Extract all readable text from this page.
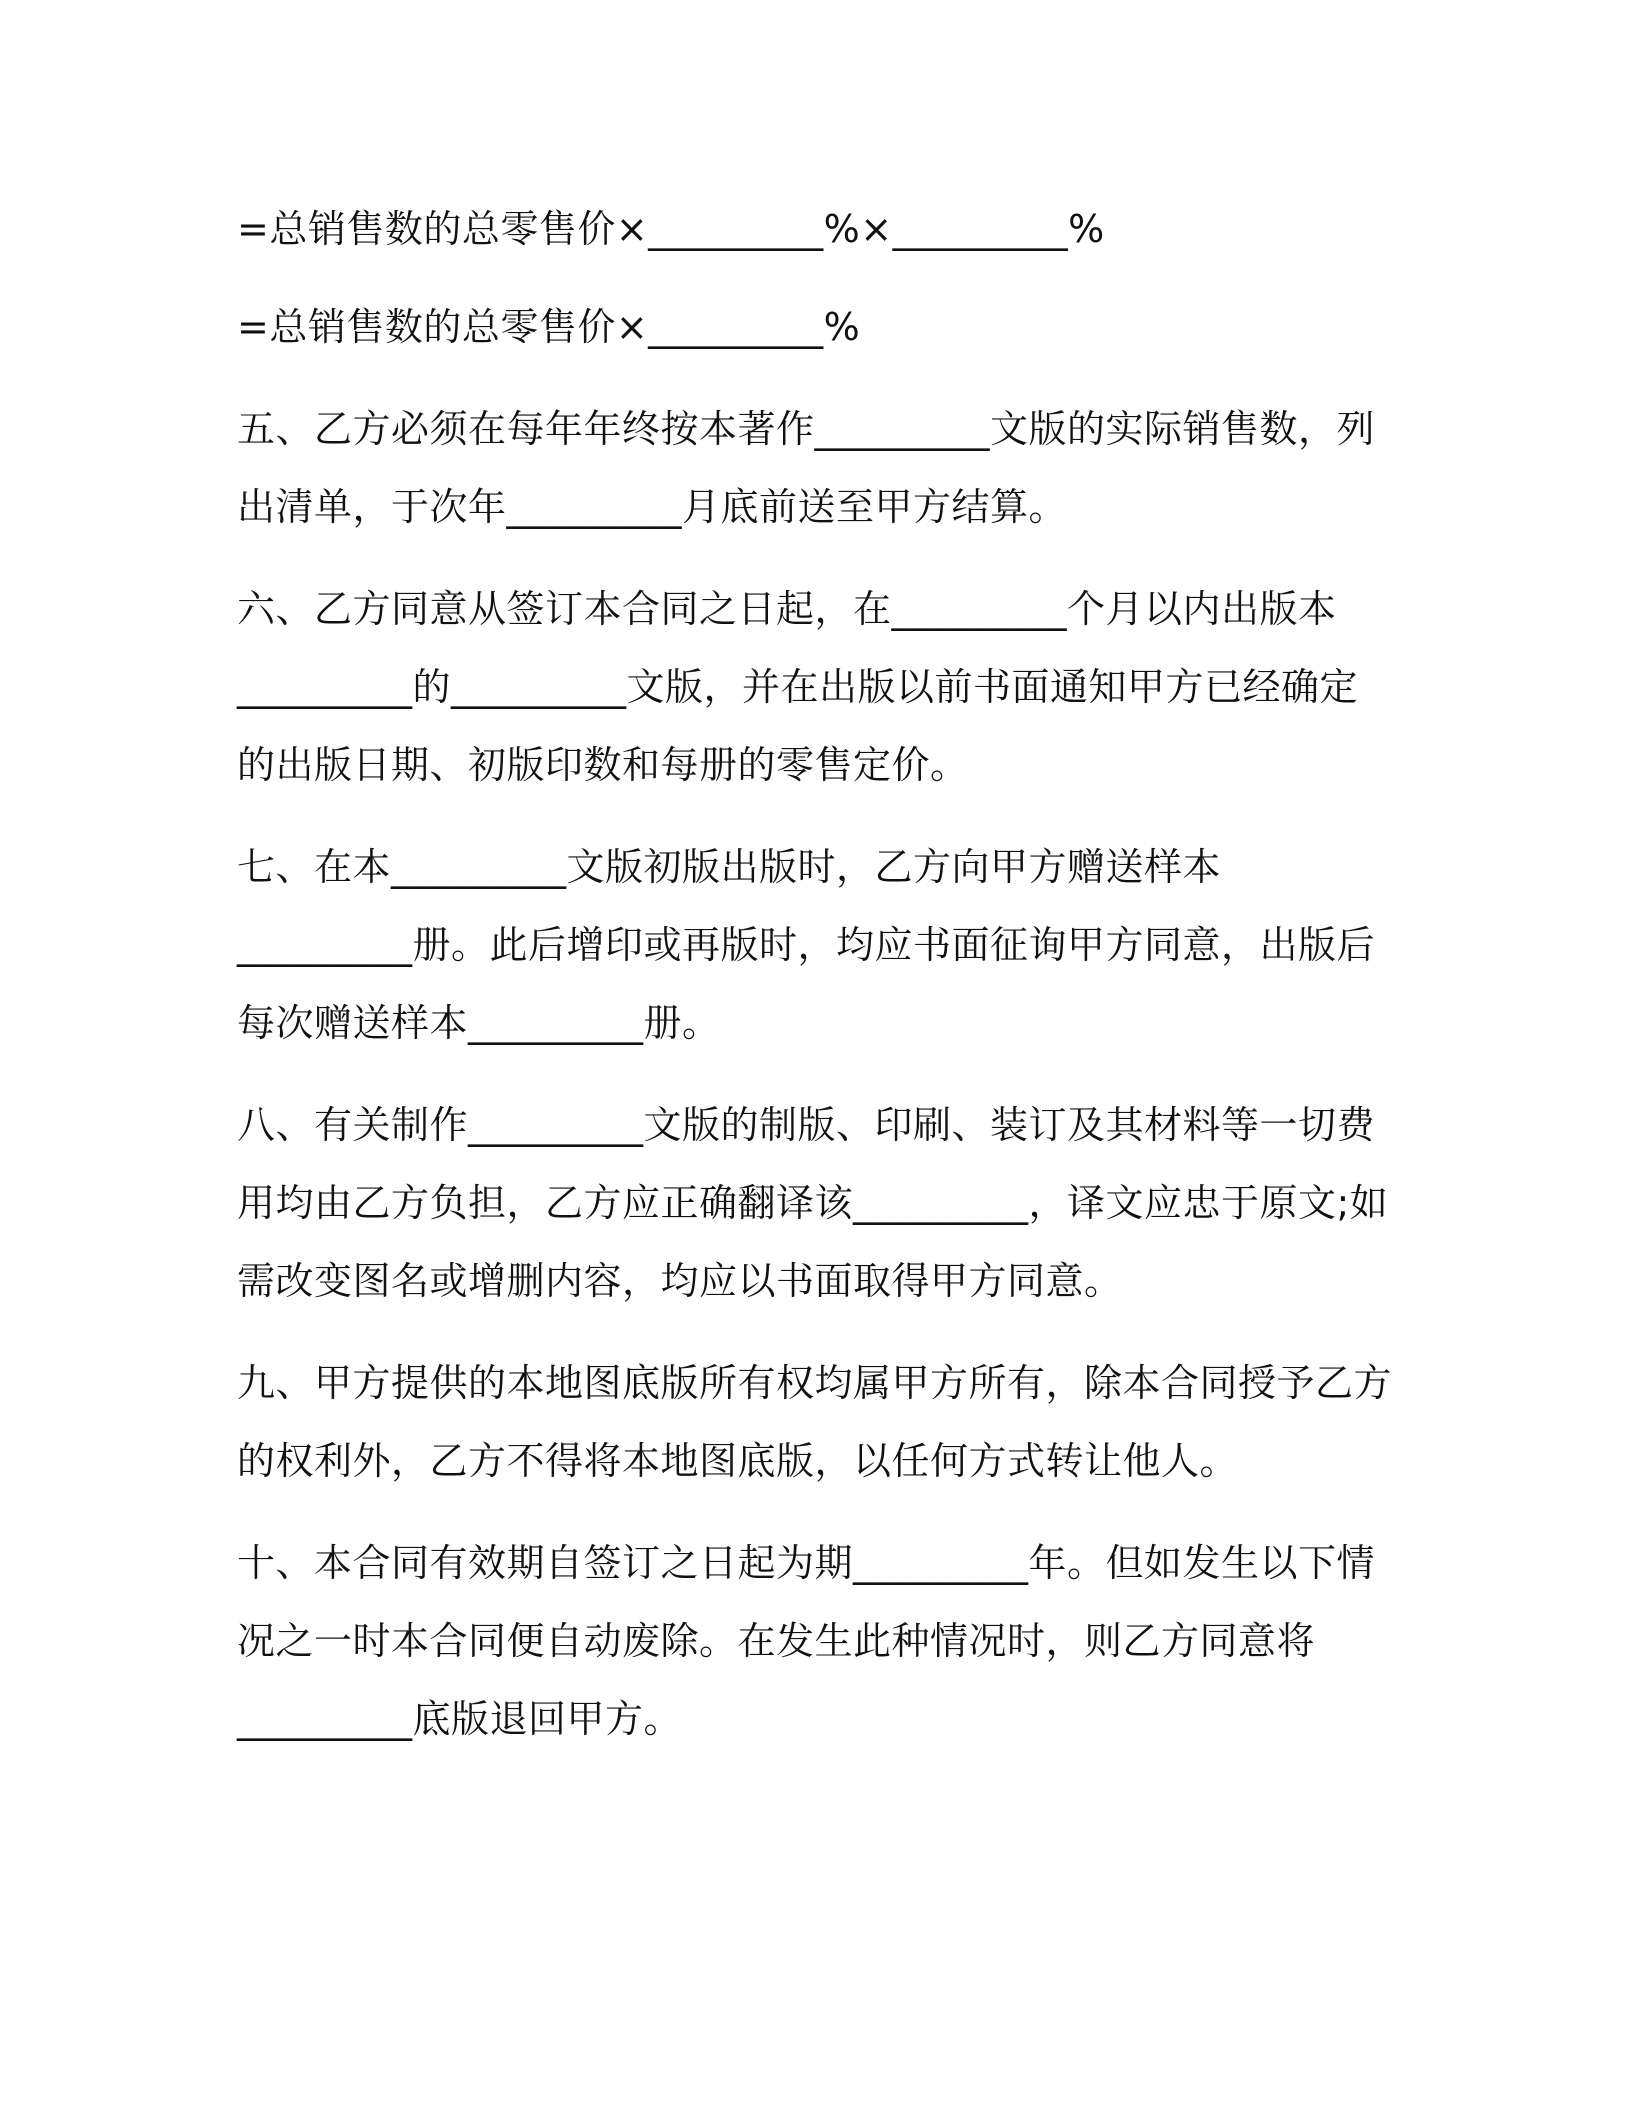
=总销售数的总零售价×_________%×_________%
=总销售数的总零售价×_________%
五、乙方必须在每年年终按本著作_________文版的实际销售数，列
出清单，于次年_________月底前送至甲方结算。
六、乙方同意从签订本合同之日起，在_________个月以内出版本
_________的_________文版，并在出版以前书面通知甲方已经确定
的出版日期、初版印数和每册的零售定价。
七、在本_________文版初版出版时，乙方向甲方赠送样本
_________册。此后增印或再版时，均应书面征询甲方同意，出版后
每次赠送样本_________册。
八、有关制作_________文版的制版、印刷、装订及其材料等一切费
用均由乙方负担，乙方应正确翻译该_________，译文应忠于原文;如
需改变图名或增删内容，均应以书面取得甲方同意。
九、甲方提供的本地图底版所有权均属甲方所有，除本合同授予乙方
的权利外，乙方不得将本地图底版，以任何方式转让他人。
十、本合同有效期自签订之日起为期_________年。但如发生以下情
况之一时本合同便自动废除。在发生此种情况时，则乙方同意将
_________底版退回甲方。
